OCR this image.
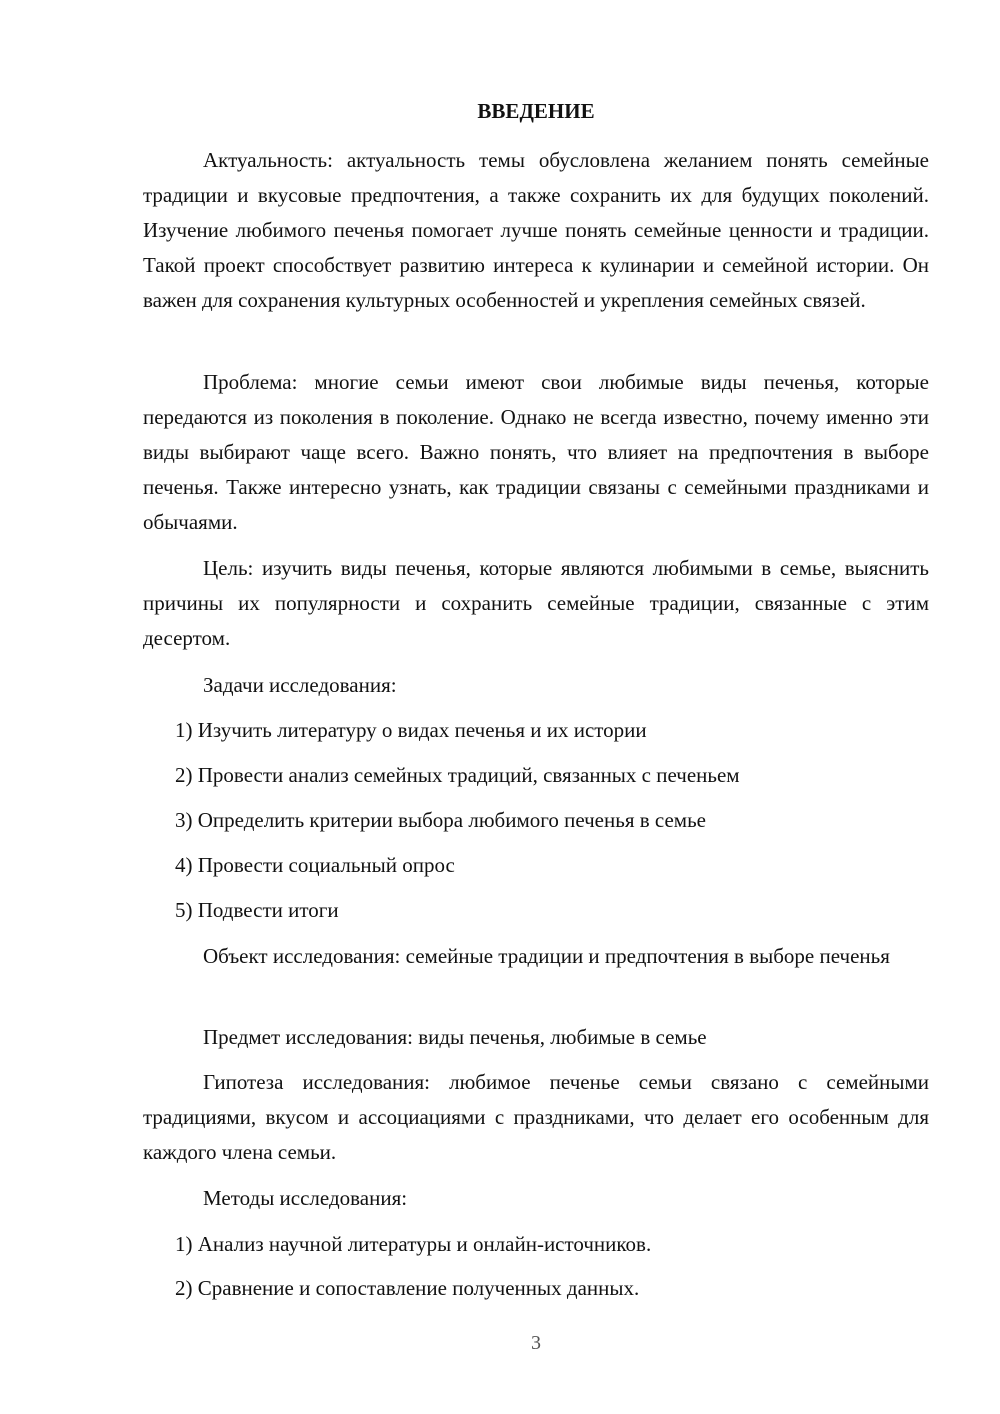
ВВЕДЕНИЕ
Актуальность: актуальность темы обусловлена желанием понять семейные традиции и вкусовые предпочтения, а также сохранить их для будущих поколений. Изучение любимого печенья помогает лучше понять семейные ценности и традиции. Такой проект способствует развитию интереса к кулинарии и семейной истории. Он важен для сохранения культурных особенностей и укрепления семейных связей.
Проблема: многие семьи имеют свои любимые виды печенья, которые передаются из поколения в поколение. Однако не всегда известно, почему именно эти виды выбирают чаще всего. Важно понять, что влияет на предпочтения в выборе печенья. Также интересно узнать, как традиции связаны с семейными праздниками и обычаями.
Цель: изучить виды печенья, которые являются любимыми в семье, выяснить причины их популярности и сохранить семейные традиции, связанные с этим десертом.
Задачи исследования:
1) Изучить литературу о видах печенья и их истории
2) Провести анализ семейных традиций, связанных с печеньем
3) Определить критерии выбора любимого печенья в семье
4) Провести социальный опрос
5) Подвести итоги
Объект исследования: семейные традиции и предпочтения в выборе печенья
Предмет исследования: виды печенья, любимые в семье
Гипотеза исследования: любимое печенье семьи связано с семейными традициями, вкусом и ассоциациями с праздниками, что делает его особенным для каждого члена семьи.
Методы исследования:
1) Анализ научной литературы и онлайн-источников.
2) Сравнение и сопоставление полученных данных.
3
